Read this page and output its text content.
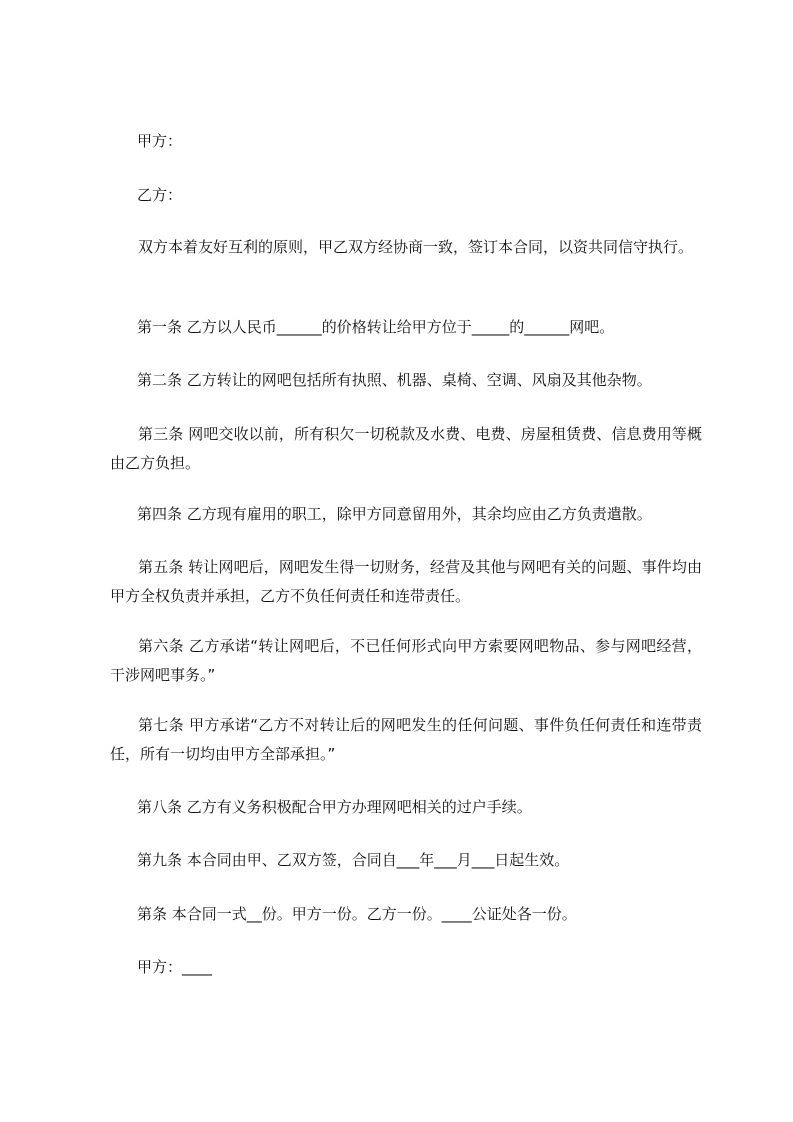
甲方：
乙方：
双方本着友好互利的原则，甲乙双方经协商一致，签订本合同，以资共同信守执行。
第一条 乙方以人民币______的价格转让给甲方位于_____的______网吧。
第二条 乙方转让的网吧包括所有执照、机器、桌椅、空调、风扇及其他杂物。
第三条 网吧交收以前，所有积欠一切税款及水费、电费、房屋租赁费、信息费用等概由乙方负担。
第四条 乙方现有雇用的职工，除甲方同意留用外，其余均应由乙方负责遣散。
第五条 转让网吧后，网吧发生得一切财务，经营及其他与网吧有关的问题、事件均由甲方全权负责并承担，乙方不负任何责任和连带责任。
第六条 乙方承诺“转让网吧后，不已任何形式向甲方索要网吧物品、参与网吧经营，干涉网吧事务。”
第七条 甲方承诺“乙方不对转让后的网吧发生的任何问题、事件负任何责任和连带责任，所有一切均由甲方全部承担。”
第八条 乙方有义务积极配合甲方办理网吧相关的过户手续。
第九条 本合同由甲、乙双方签，合同自___年___月___日起生效。
第条 本合同一式__份。甲方一份。乙方一份。____公证处各一份。
甲方：____
